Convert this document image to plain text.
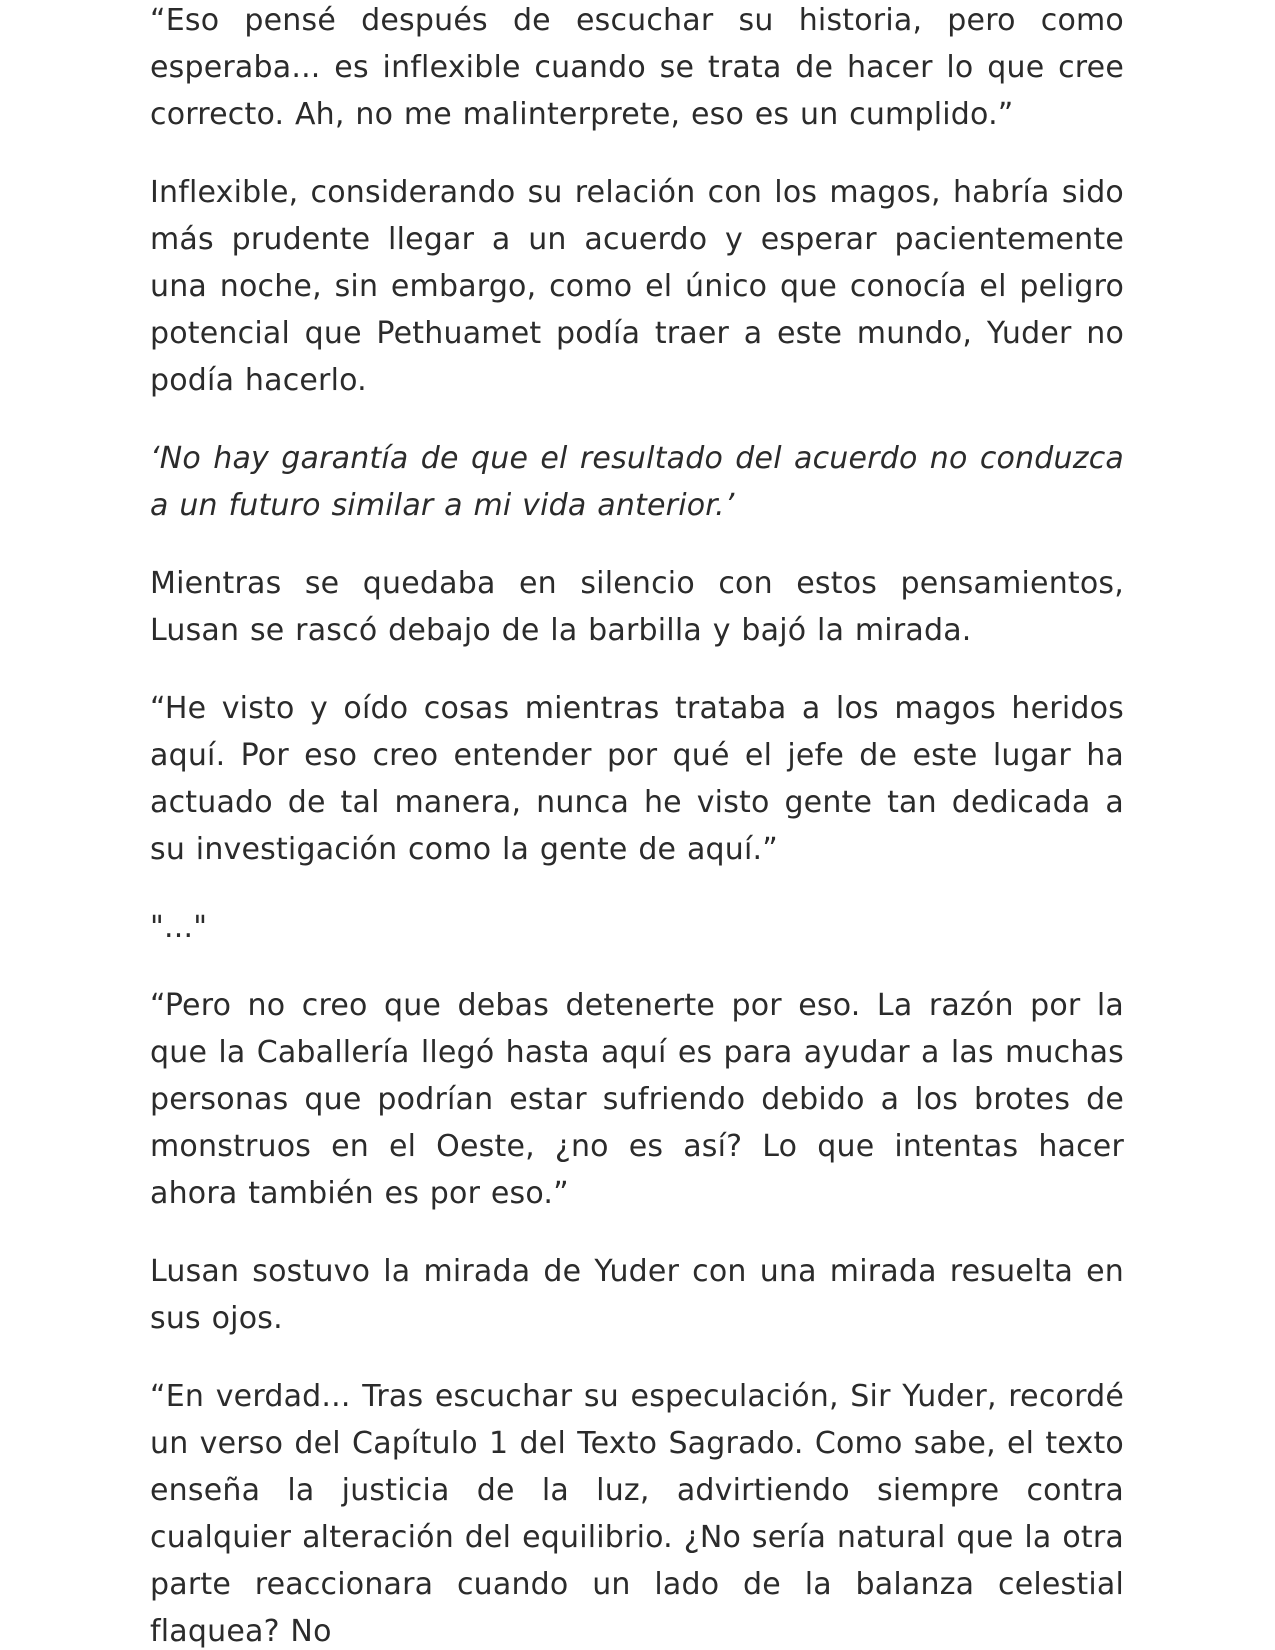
“Eso pensé después de escuchar su historia, pero como esperaba... es inflexible cuando se trata de hacer lo que cree correcto. Ah, no me malinterprete, eso es un cumplido.”

Inflexible, considerando su relación con los magos, habría sido más prudente llegar a un acuerdo y esperar pacientemente una noche, sin embargo, como el único que conocía el peligro potencial que Pethuamet podía traer a este mundo, Yuder no podía hacerlo.

‘No hay garantía de que el resultado del acuerdo no conduzca a un futuro similar a mi vida anterior.’

Mientras se quedaba en silencio con estos pensamientos, Lusan se rascó debajo de la barbilla y bajó la mirada.

“He visto y oído cosas mientras trataba a los magos heridos aquí. Por eso creo entender por qué el jefe de este lugar ha actuado de tal manera, nunca he visto gente tan dedicada a su investigación como la gente de aquí.”

"..."

“Pero no creo que debas detenerte por eso. La razón por la que la Caballería llegó hasta aquí es para ayudar a las muchas personas que podrían estar sufriendo debido a los brotes de monstruos en el Oeste, ¿no es así? Lo que intentas hacer ahora también es por eso.”

Lusan sostuvo la mirada de Yuder con una mirada resuelta en sus ojos.

“En verdad... Tras escuchar su especulación, Sir Yuder, recordé un verso del Capítulo 1 del Texto Sagrado. Como sabe, el texto enseña la justicia de la luz, advirtiendo siempre contra cualquier alteración del equilibrio. ¿No sería natural que la otra parte reaccionara cuando un lado de la balanza celestial flaquea? No
